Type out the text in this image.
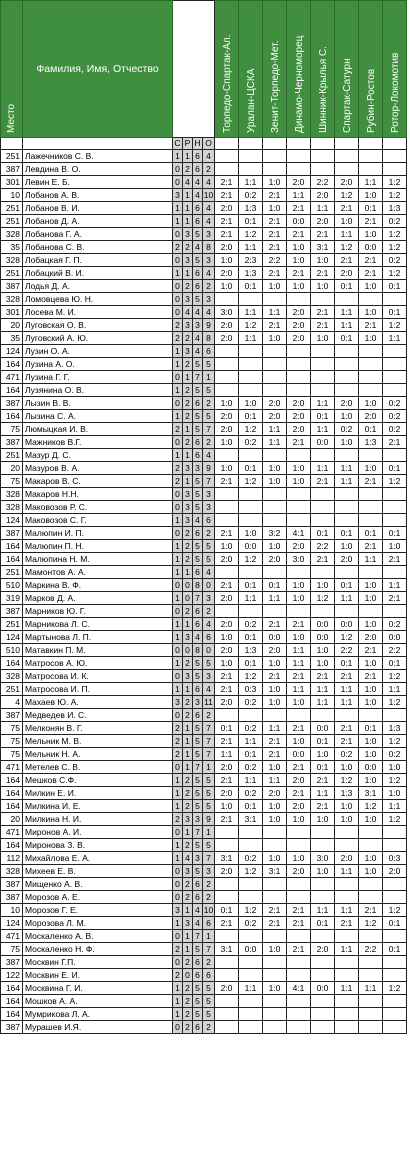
Место	Фамилия, Имя, Отчество					Торпедо-Спартак-Ал.	Уралан-ЦСКА	Зенит-Торпедо-Мет.	Динамо-Черноморец	Шинник-Крылья С.	Спартак-Сатурн	Рубин-Ростов	Ротор-Локомотив

		С	Р	Н	О								
251	Лажечников С. В.	1	1	6	4								
387	Левдина В. О.	0	2	6	2								
301	Левин Е. Б.	0	4	4	4	2:1	1:1	1:0	2:0	2:2	2:0	1:1	1:2
10	Лобанов А. В.	3	1	4	10	2:1	0:2	2:1	1:1	2:0	1:2	1:0	1:2
251	Лобанов В. И.	1	1	6	4	2:0	1:3	1:0	2:1	1:1	2:1	0:1	1:3
251	Лобанов Д. А.	1	1	6	4	2:1	0:1	2:1	0:0	2:0	1:0	2:1	0:2
328	Лобанова Г. А.	0	3	5	3	2:1	1:2	2:1	2:1	2:1	1:1	1:0	1:2
35	Лобанова С. В.	2	2	4	8	2:0	1:1	2:1	1:0	3:1	1:2	0:0	1:2
328	Лобацкая Г. П.	0	3	5	3	1:0	2:3	2:2	1:0	1:0	2:1	2:1	0:2
251	Лобацкий В. И.	1	1	6	4	2:0	1:3	2:1	2:1	2:1	2:0	2:1	1:2
387	Лодья Д. А.	0	2	6	2	1:0	0:1	1:0	1:0	1:0	0:1	1:0	0:1
328	Ломовцева Ю. Н.	0	3	5	3								
301	Лосева М. И.	0	4	4	4	3:0	1:1	1:1	2:0	2:1	1:1	1:0	0:1
20	Луговская О. В.	2	3	3	9	2:0	1:2	2:1	2:0	2:1	1:1	2:1	1:2
35	Луговский А. Ю.	2	2	4	8	2:0	1:1	1:0	2:0	1:0	0:1	1:0	1:1
124	Лузин О. А.	1	3	4	6								
164	Лузина А. О.	1	2	5	5								
471	Лузина Г. Г.	0	1	7	1								
164	Лузянина О. В.	1	2	5	5								
387	Лызин В. В.	0	2	6	2	1:0	1:0	2:0	2:0	1:1	2:0	1:0	0:2
164	Лызина С. А.	1	2	5	5	2:0	0:1	2:0	2:0	0:1	1:0	2:0	0:2
75	Люмыцкая И. В.	2	1	5	7	2:0	1:2	1:1	2:0	1:1	0:2	0:1	0:2
387	Мажников В.Г.	0	2	6	2	1:0	0:2	1:1	2:1	0:0	1:0	1:3	2:1
251	Мазур Д. С.	1	1	6	4								
20	Мазуров В. А.	2	3	3	9	1:0	0:1	1:0	1:0	1:1	1:1	1:0	0:1
75	Макаров В. С.	2	1	5	7	2:1	1:2	1:0	1:0	2:1	1:1	2:1	1:2
328	Макаров Н.Н.	0	3	5	3								
328	Маковозов Р. С.	0	3	5	3								
124	Маковозов С. Г.	1	3	4	6								
387	Малюпин И. П.	0	2	6	2	2:1	1:0	3:2	4:1	0:1	0:1	0:1	0:1
164	Малюпин П. Н.	1	2	5	5	1:0	0:0	1:0	2:0	2:2	1:0	2:1	1:0
164	Малюпина Н. М.	1	2	5	5	2:0	1:2	2:0	3:0	2:1	2:0	1:1	2:1
251	Мамонтов А. А.	1	1	6	4								
510	Маркина В. Ф.	0	0	8	0	2:1	0:1	0:1	1:0	1:0	0:1	1:0	1:1
319	Марков Д. А.	1	0	7	3	2:0	1:1	1:1	1:0	1:2	1:1	1:0	2:1
387	Марников Ю. Г.	0	2	6	2								
251	Марникова Л. С.	1	1	6	4	2:0	0:2	2:1	2:1	0:0	0:0	1:0	0:2
124	Мартынова Л. П.	1	3	4	6	1:0	0:1	0:0	1:0	0:0	1:2	2:0	0:0
510	Матавкин П. М.	0	0	8	0	2:0	1:3	2:0	1:1	1:0	2:2	2:1	2:2
164	Матросов А. Ю.	1	2	5	5	1:0	0:1	1:0	1:1	1:0	0:1	1:0	0:1
328	Матросова И. К.	0	3	5	3	2:1	1:2	2:1	2:1	2:1	2:1	2:1	1:2
251	Матросова И. П.	1	1	6	4	2:1	0:3	1:0	1:1	1:1	1:1	1:0	1:1
4	Махаев Ю. А.	3	2	3	11	2:0	0:2	1:0	1:0	1:1	1:1	1:0	1:2
387	Медведев И. С.	0	2	6	2								
75	Мелконян В. Г.	2	1	5	7	0:1	0:2	1:1	2:1	0:0	2:1	0:1	1:3
75	Мельник М. В.	2	1	5	7	2:1	1:1	2:1	1:0	0:1	2:1	1:0	1:2
75	Мельник Н. А.	2	1	5	7	1:1	0:1	2:1	0:0	1:0	0:2	1:0	0:2
471	Метелев С. В.	0	1	7	1	2:0	0:2	1:0	2:1	0:1	1:0	0:0	1:0
164	Мешков С.Ф.	1	2	5	5	2:1	1:1	1:1	2:0	2:1	1:2	1:0	1:2
164	Милкин Е. И.	1	2	5	5	2:0	0:2	2:0	2:1	1:1	1:3	3:1	1:0
164	Милкина И. Е.	1	2	5	5	1:0	0:1	1:0	2:0	2:1	1:0	1:2	1:1
20	Милкина Н. И.	2	3	3	9	2:1	3:1	1:0	1:0	1:0	1:0	1:0	1:2
471	Миронов А. И.	0	1	7	1								
164	Миронова З. В.	1	2	5	5								
112	Михайлова Е. А.	1	4	3	7	3:1	0:2	1:0	1:0	3:0	2:0	1:0	0:3
328	Михеев Е. В.	0	3	5	3	2:0	1:2	3:1	2:0	1:0	1:1	1:0	2:0
387	Мищенко А. В.	0	2	6	2								
387	Морозов А. Е.	0	2	6	2								
10	Морозов Г. Е.	3	1	4	10	0:1	1:2	2:1	2:1	1:1	1:1	2:1	1:2
124	Морозова Л. М.	1	3	4	6	2:1	0:2	2:1	2:1	0:1	2:1	1:2	0:1
471	Москаленко А. В.	0	1	7	1								
75	Москаленко Н. Ф.	2	1	5	7	3:1	0:0	1:0	2:1	2:0	1:1	2:2	0:1
387	Москвин Г.П.	0	2	6	2								
122	Москвин Е. И.	2	0	6	6								
164	Москвина Г. И.	1	2	5	5	2:0	1:1	1:0	4:1	0:0	1:1	1:1	1:2
164	Мошков А. А.	1	2	5	5								
164	Мумрикова Л. А.	1	2	5	5								
387	Мурашев И.Я.	0	2	6	2								
